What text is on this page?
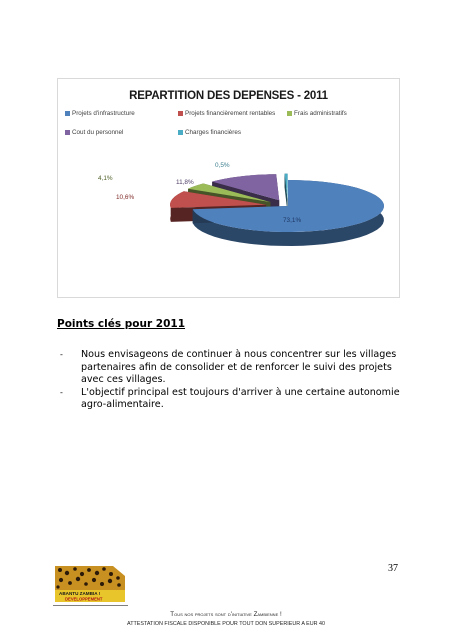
REPARTITION DES DEPENSES - 2011
Projets d'infrastructure	Projets financièrement rentables	Frais administratifs
Cout du personnel	Charges financières
73,1%
10,6%
4,1%
11,8%
0,5%
Points clés pour 2011
- Nous envisageons de continuer à nous concentrer sur les villages partenaires afin de consolider et de renforcer le suivi des projets avec ces villages.
- L'objectif principal est toujours d'arriver à une certaine autonomie agro-alimentaire.
37
ABANTU ZAMBIA !
DEVELOPPEMENT
Tous nos projets sont d'initiative Zambienne !
ATTESTATION FISCALE DISPONIBLE POUR TOUT DON SUPERIEUR A EUR 40
